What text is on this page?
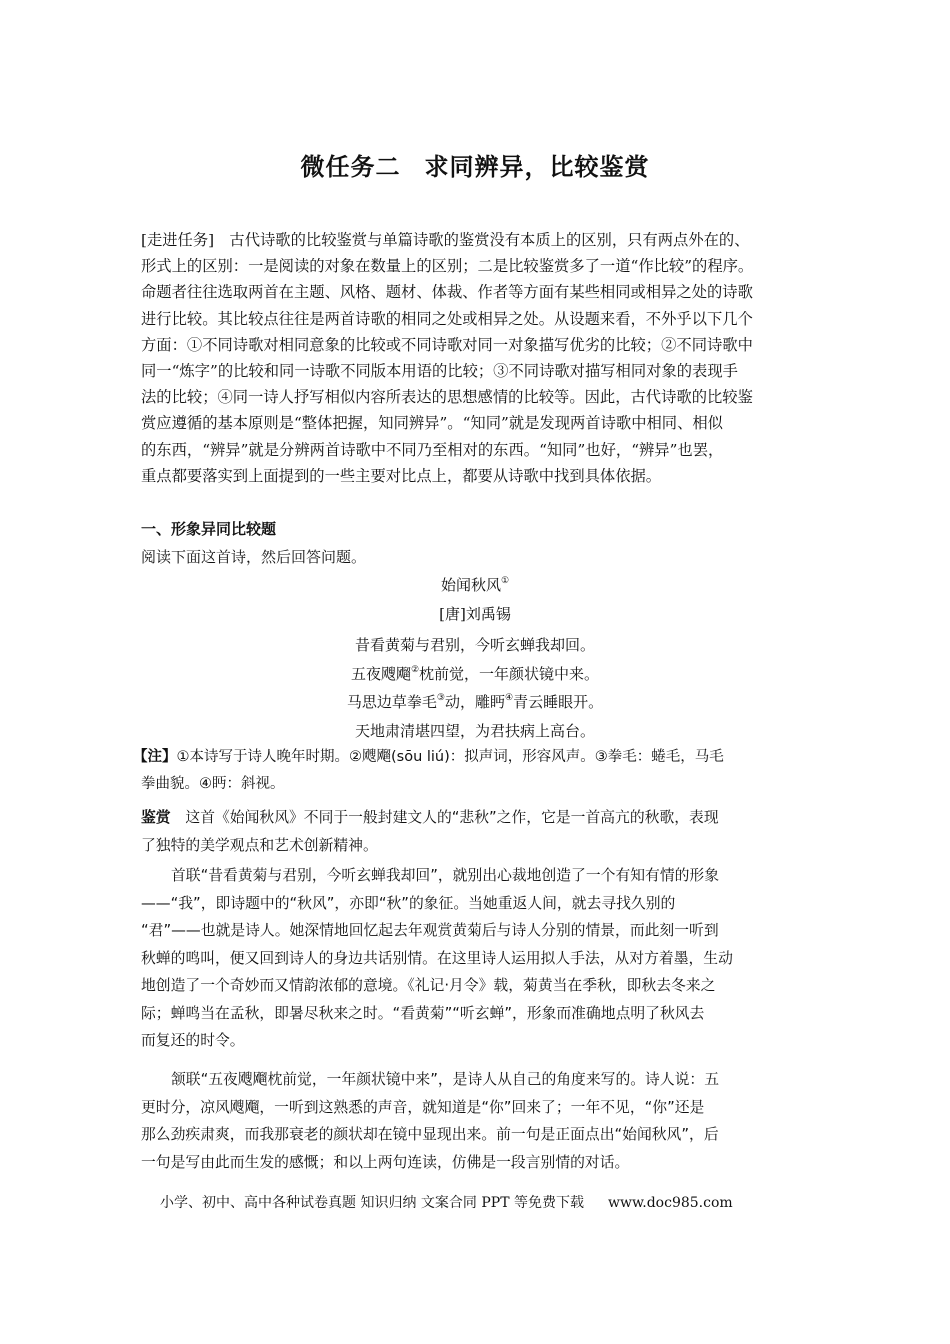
微任务二 求同辨异，比较鉴赏
[走进任务]　古代诗歌的比较鉴赏与单篇诗歌的鉴赏没有本质上的区别，只有两点外在的、
形式上的区别：一是阅读的对象在数量上的区别；二是比较鉴赏多了一道“作比较”的程序。
命题者往往选取两首在主题、风格、题材、体裁、作者等方面有某些相同或相异之处的诗歌
进行比较。其比较点往往是两首诗歌的相同之处或相异之处。从设题来看，不外乎以下几个
方面：①不同诗歌对相同意象的比较或不同诗歌对同一对象描写优劣的比较；②不同诗歌中
同一“炼字”的比较和同一诗歌不同版本用语的比较；③不同诗歌对描写相同对象的表现手
法的比较；④同一诗人抒写相似内容所表达的思想感情的比较等。因此，古代诗歌的比较鉴
赏应遵循的基本原则是“整体把握，知同辨异”。“知同”就是发现两首诗歌中相同、相似
的东西，“辨异”就是分辨两首诗歌中不同乃至相对的东西。“知同”也好，“辨异”也罢，
重点都要落实到上面提到的一些主要对比点上，都要从诗歌中找到具体依据。
一、形象异同比较题
阅读下面这首诗，然后回答问题。
始闻秋风①
[唐]刘禹锡
昔看黄菊与君别，今听玄蝉我却回。
五夜飕飗②枕前觉，一年颜状镜中来。
马思边草拳毛③动，雕眄④青云睡眼开。
天地肃清堪四望，为君扶病上高台。
【注】①本诗写于诗人晚年时期。②飕飗(sōu liú)：拟声词，形容风声。③拳毛：蜷毛，马毛
拳曲貌。④眄：斜视。
鉴赏　这首《始闻秋风》不同于一般封建文人的“悲秋”之作，它是一首高亢的秋歌，表现
了独特的美学观点和艺术创新精神。
首联“昔看黄菊与君别，今听玄蝉我却回”，就别出心裁地创造了一个有知有情的形象
——“我”，即诗题中的“秋风”，亦即“秋”的象征。当她重返人间，就去寻找久别的
“君”——也就是诗人。她深情地回忆起去年观赏黄菊后与诗人分别的情景，而此刻一听到
秋蝉的鸣叫，便又回到诗人的身边共话别情。在这里诗人运用拟人手法，从对方着墨，生动
地创造了一个奇妙而又情韵浓郁的意境。《礼记·月令》载，菊黄当在季秋，即秋去冬来之
际；蝉鸣当在孟秋，即暑尽秋来之时。“看黄菊”“听玄蝉”，形象而准确地点明了秋风去
而复还的时令。
颔联“五夜飕飗枕前觉，一年颜状镜中来”，是诗人从自己的角度来写的。诗人说：五
更时分，凉风飕飗，一听到这熟悉的声音，就知道是“你”回来了；一年不见，“你”还是
那么劲疾肃爽，而我那衰老的颜状却在镜中显现出来。前一句是正面点出“始闻秋风”，后
一句是写由此而生发的感慨；和以上两句连读，仿佛是一段言别情的对话。
小学、初中、高中各种试卷真题 知识归纳 文案合同 PPT 等免费下载 www.doc985.com
